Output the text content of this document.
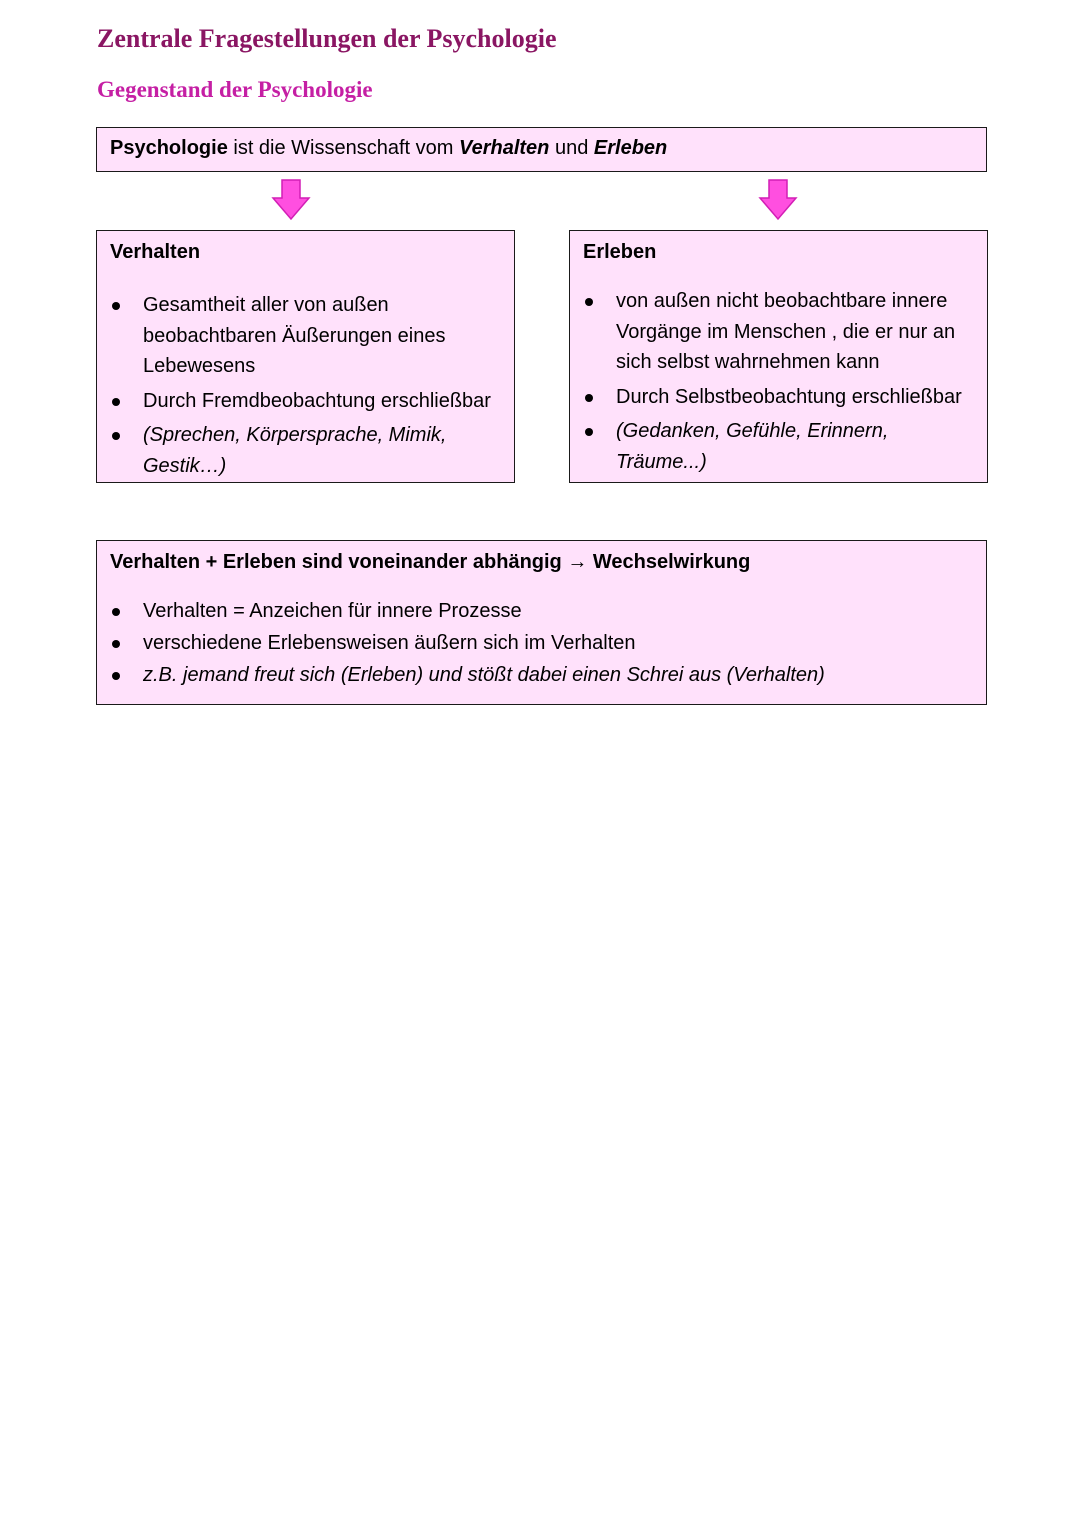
Zentrale Fragestellungen der Psychologie
Gegenstand der Psychologie
Psychologie ist die Wissenschaft vom Verhalten und Erleben

Verhalten

Gesamtheit aller von außen beobachtbaren Äußerungen eines Lebewesens
Durch Fremdbeobachtung erschließbar
(Sprechen, Körpersprache, Mimik, Gestik…)

Erleben

von außen nicht beobachtbare innere Vorgänge im Menschen , die er nur an sich selbst wahrnehmen kann
Durch Selbstbeobachtung erschließbar
(Gedanken, Gefühle, Erinnern, Träume...)

Verhalten + Erleben sind voneinander abhängig → Wechselwirkung

Verhalten = Anzeichen für innere Prozesse
verschiedene Erlebensweisen äußern sich im Verhalten
z.B. jemand freut sich (Erleben) und stößt dabei einen Schrei aus (Verhalten)
